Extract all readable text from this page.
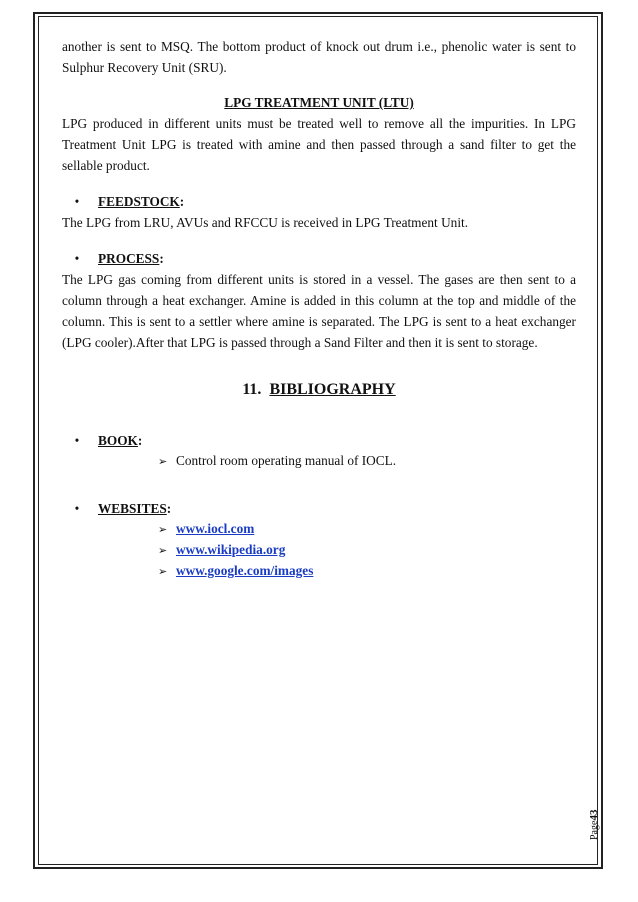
another is sent to MSQ. The bottom product of knock out drum i.e., phenolic water is sent to Sulphur Recovery Unit (SRU).

LPG TREATMENT UNIT (LTU)

LPG produced in different units must be treated well to remove all the impurities. In LPG Treatment Unit LPG is treated with amine and then passed through a sand filter to get the sellable product.

•	FEEDSTOCK :

The LPG from LRU, AVUs and RFCCU is received in LPG Treatment Unit.

•	PROCESS :

The LPG gas coming from different units is stored in a vessel. The gases are then sent to a column through a heat exchanger. Amine is added in this column at the top and middle of the column. This is sent to a settler where amine is separated. The LPG is sent to a heat exchanger (LPG cooler).After that LPG is passed through a Sand Filter and then it is sent to storage.

11. BIBLIOGRAPHY
•	BOOK :
➢ Control room operating manual of IOCL.
•	WEBSITES :
➢ www.iocl.com
➢ www.wikipedia.org
➢ www.google.com/images
Page43
